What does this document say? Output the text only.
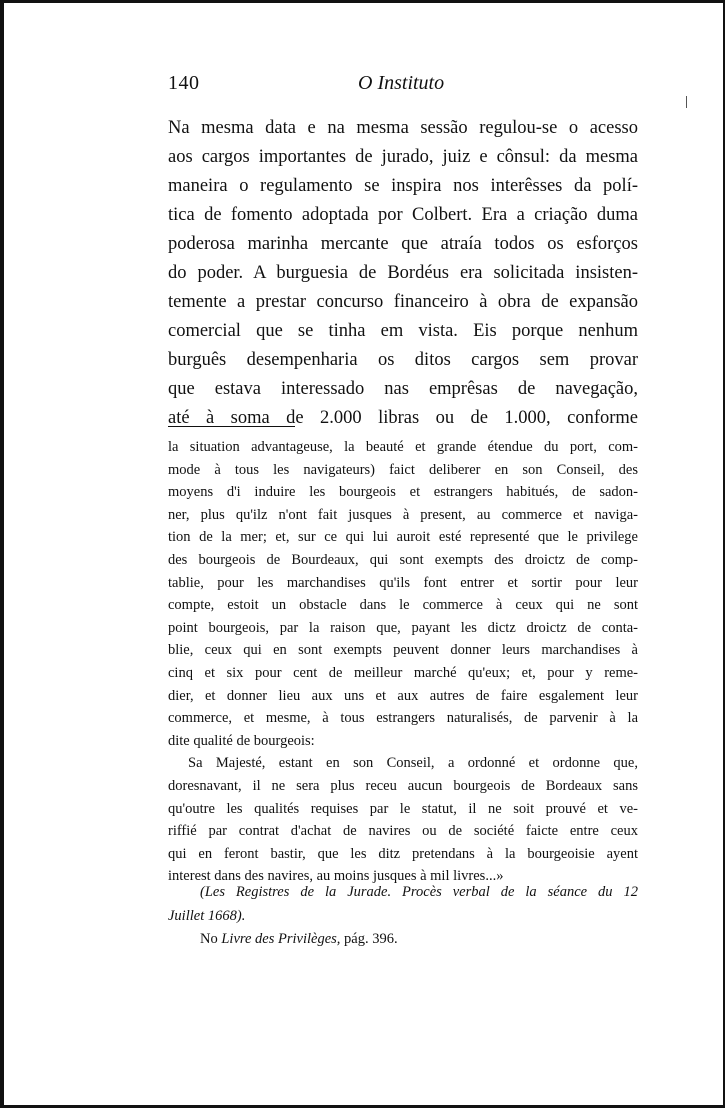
140	O Instituto
Na mesma data e na mesma sessão regulou-se o acesso
aos cargos importantes de jurado, juiz e cônsul: da mesma
maneira o regulamento se inspira nos interêsses da polí-
tica de fomento adoptada por Colbert. Era a criação duma
poderosa marinha mercante que atraía todos os esforços
do poder. A burguesia de Bordéus era solicitada insisten-
temente a prestar concurso financeiro à obra de expansão
comercial que se tinha em vista. Eis porque nenhum
burguês desempenharia os ditos cargos sem provar
que estava interessado nas emprêsas de navegação,
até à soma de 2.000 libras ou de 1.000, conforme
la situation advantageuse, la beauté et grande étendue du port, com-
mode à tous les navigateurs) faict deliberer en son Conseil, des
moyens d'i induire les bourgeois et estrangers habitués, de sadon-
ner, plus qu'ilz n'ont fait jusques à present, au commerce et naviga-
tion de la mer; et, sur ce qui lui auroit esté representé que le privilege
des bourgeois de Bourdeaux, qui sont exempts des droictz de comp-
tablie, pour les marchandises qu'ils font entrer et sortir pour leur
compte, estoit un obstacle dans le commerce à ceux qui ne sont
point bourgeois, par la raison que, payant les dictz droictz de conta-
blie, ceux qui en sont exempts peuvent donner leurs marchandises à
cinq et six pour cent de meilleur marché qu'eux; et, pour y reme-
dier, et donner lieu aux uns et aux autres de faire esgalement leur
commerce, et mesme, à tous estrangers naturalisés, de parvenir à la
dite qualité de bourgeois:
Sa Majesté, estant en son Conseil, a ordonné et ordonne que,
doresnavant, il ne sera plus receu aucun bourgeois de Bordeaux sans
qu'outre les qualités requises par le statut, il ne soit prouvé et ve-
riffié par contrat d'achat de navires ou de société faicte entre ceux
qui en feront bastir, que les ditz pretendans à la bourgeoisie ayent
interest dans des navires, au moins jusques à mil livres...»
(Les Registres de la Jurade. Procès verbal de la séance du 12
Juillet 1668).
No Livre des Privilèges, pág. 396.
